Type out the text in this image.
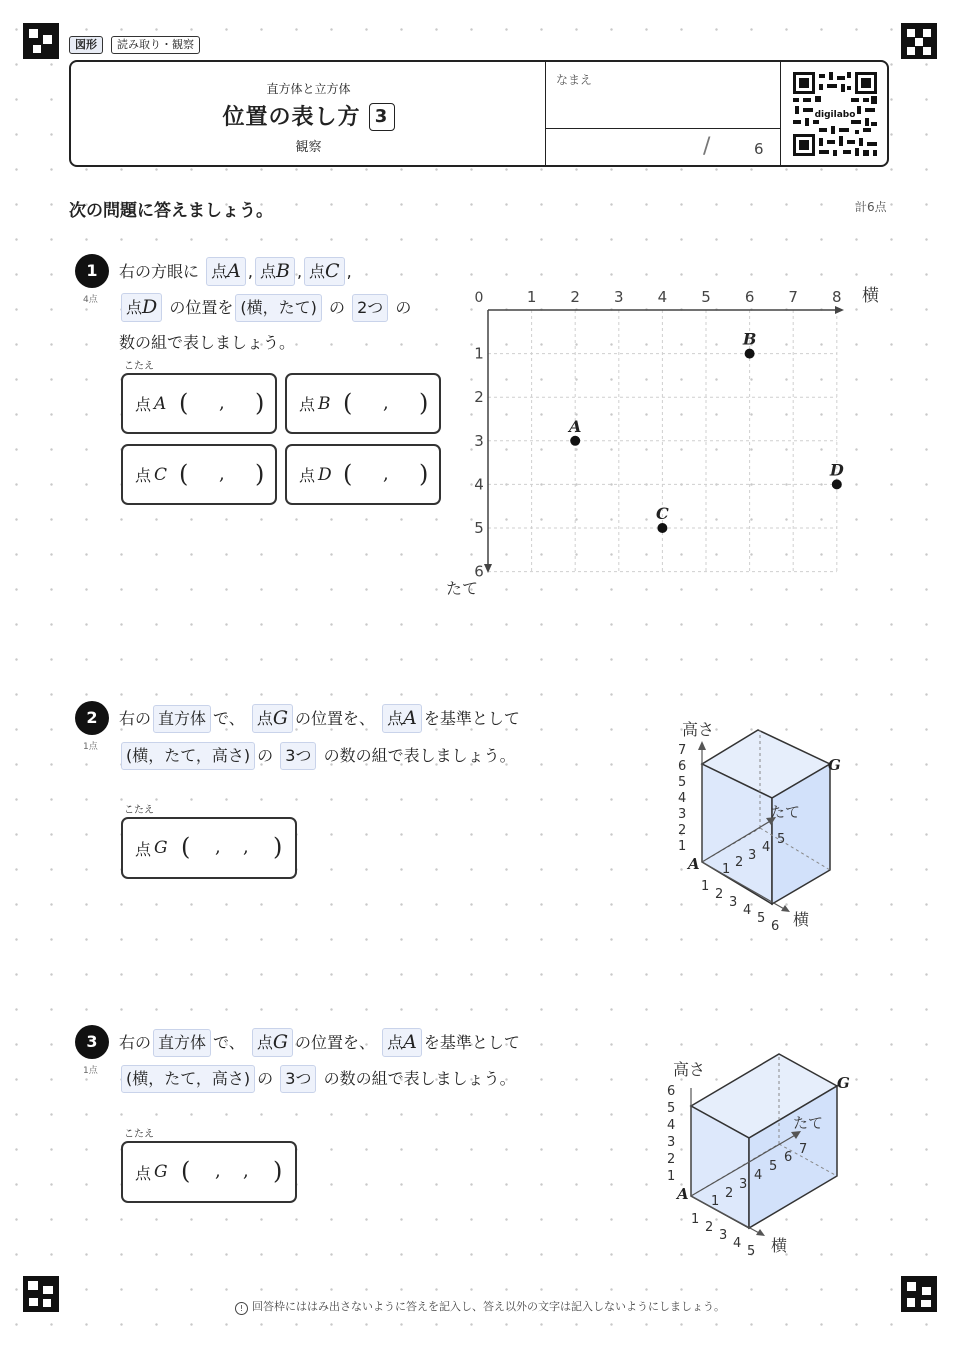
図形	読み取り・観察
直方体と立方体
位置の表し方 3
観察
なまえ
/	6
digilabo
次の問題に答えましょう。	計6点
1
4点
右の方眼に 点A , 点B , 点C ,
点D の位置を (横，たて) の 2つ の
数の組で表しましょう。
こたえ
点 A ( , ) 点 B ( , )
点 C ( , ) 点 D ( , )
0	横
たて
1 2 3 4 5 6 7 8
1
2
3
4
5
6
A
B
C
D
2
1点
右の 直方体 で、 点G の位置を、 点A を基準として
(横，たて，高さ) の 3つ の数の組で表しましょう。
こたえ
点 G ( , , )
高さ
たて
横
A
G
1
2
3
4
5
6
7
1 2 3
4
5
1
2
3
4
5
6
3
1点
右の 直方体 で、 点G の位置を、 点A を基準として
(横，たて，高さ) の 3つ の数の組で表しましょう。
こたえ
点 G ( , , )
高さ
たて
横
A
G
1
2
3
4
5
6
1
2
3
4
5
6
7
1
2
3
4
5
! 回答枠にははみ出さないように答えを記入し、答え以外の文字は記入しないようにしましょう。
